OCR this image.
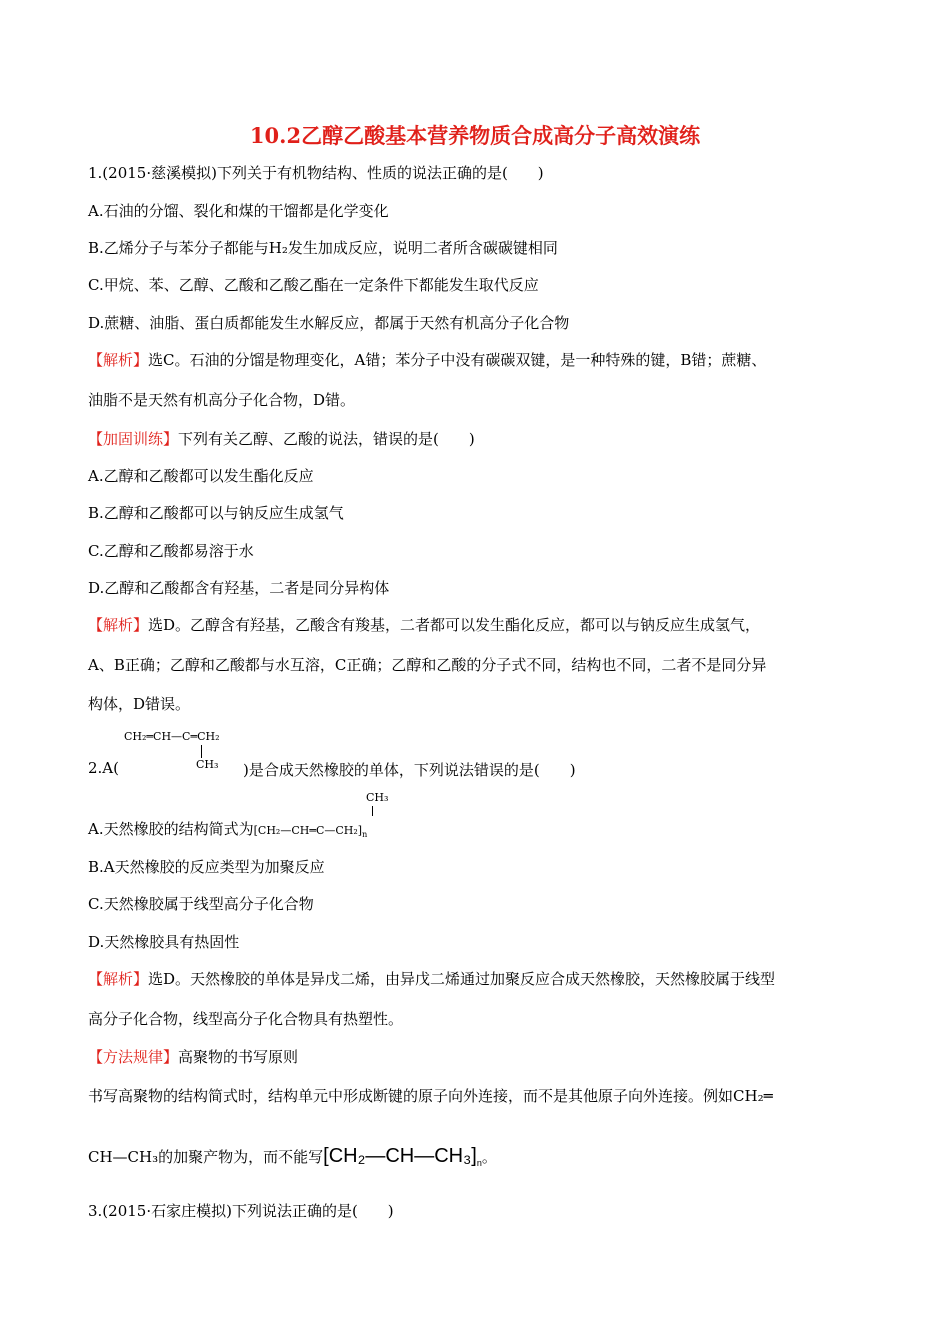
10.2乙醇乙酸基本营养物质合成高分子高效演练
1.(2015·慈溪模拟)下列关于有机物结构、性质的说法正确的是(　　)
A.石油的分馏、裂化和煤的干馏都是化学变化
B.乙烯分子与苯分子都能与H₂发生加成反应，说明二者所含碳碳键相同
C.甲烷、苯、乙醇、乙酸和乙酸乙酯在一定条件下都能发生取代反应
D.蔗糖、油脂、蛋白质都能发生水解反应，都属于天然有机高分子化合物
【解析】选C。石油的分馏是物理变化，A错；苯分子中没有碳碳双键，是一种特殊的键，B错；蔗糖、
油脂不是天然有机高分子化合物，D错。
【加固训练】下列有关乙醇、乙酸的说法，错误的是(　　)
A.乙醇和乙酸都可以发生酯化反应
B.乙醇和乙酸都可以与钠反应生成氢气
C.乙醇和乙酸都易溶于水
D.乙醇和乙酸都含有羟基，二者是同分异构体
【解析】选D。乙醇含有羟基，乙酸含有羧基，二者都可以发生酯化反应，都可以与钠反应生成氢气，
A、B正确；乙醇和乙酸都与水互溶，C正确；乙醇和乙酸的分子式不同，结构也不同，二者不是同分异
构体，D错误。
CH₂═CH—C═CH₂
CH₃
2.A(	)是合成天然橡胶的单体，下列说法错误的是(　　)
CH₃
A.天然橡胶的结构简式为$[CH_2—CH═C—CH_2]_n$
B.A天然橡胶的反应类型为加聚反应
C.天然橡胶属于线型高分子化合物
D.天然橡胶具有热固性
【解析】选D。天然橡胶的单体是异戊二烯，由异戊二烯通过加聚反应合成天然橡胶，天然橡胶属于线型
高分子化合物，线型高分子化合物具有热塑性。
【方法规律】高聚物的书写原则
书写高聚物的结构简式时，结构单元中形成断键的原子向外连接，而不是其他原子向外连接。例如CH₂═
CH—CH₃的加聚产物为，而不能写$[CH_2—CH—CH_3]_n$。
3.(2015·石家庄模拟)下列说法正确的是(　　)
